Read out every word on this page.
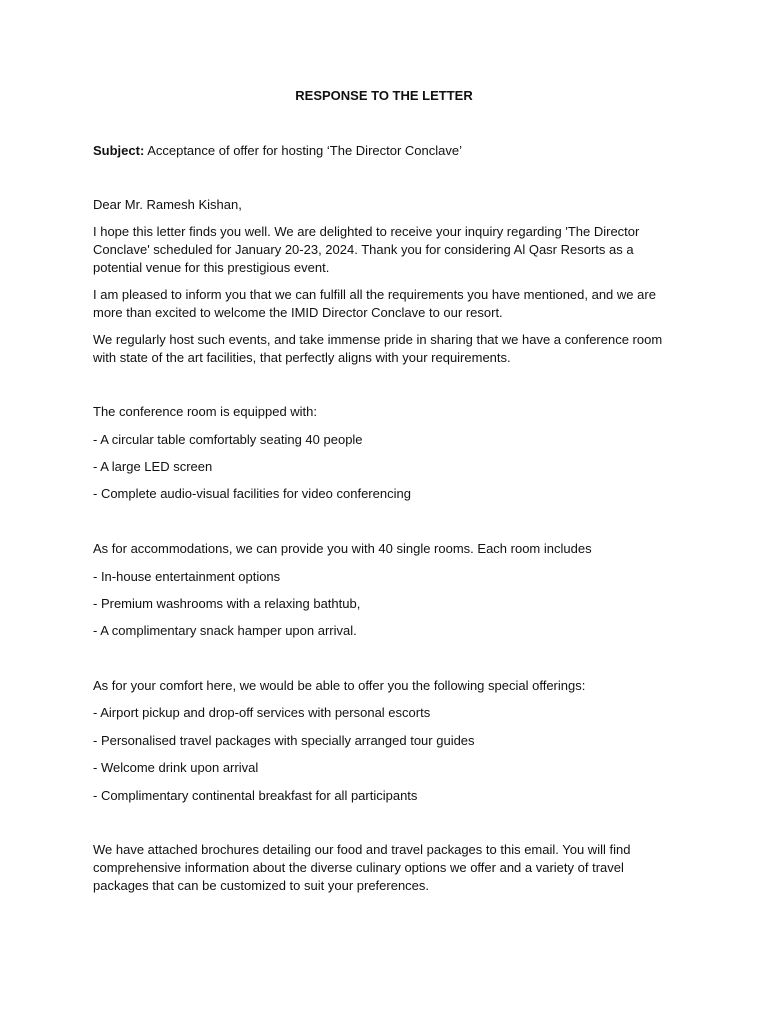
RESPONSE TO THE LETTER
Subject: Acceptance of offer for hosting ‘The Director Conclave’
Dear Mr. Ramesh Kishan,
I hope this letter finds you well. We are delighted to receive your inquiry regarding 'The Director
Conclave' scheduled for January 20-23, 2024. Thank you for considering Al Qasr Resorts as a
potential venue for this prestigious event.
I am pleased to inform you that we can fulfill all the requirements you have mentioned, and we are
more than excited to welcome the IMID Director Conclave to our resort.
We regularly host such events, and take immense pride in sharing that we have a conference room
with state of the art facilities, that perfectly aligns with your requirements.
The conference room is equipped with:
- A circular table comfortably seating 40 people
- A large LED screen
- Complete audio-visual facilities for video conferencing
As for accommodations, we can provide you with 40 single rooms. Each room includes
- In-house entertainment options
- Premium washrooms with a relaxing bathtub,
- A complimentary snack hamper upon arrival.
As for your comfort here, we would be able to offer you the following special offerings:
- Airport pickup and drop-off services with personal escorts
- Personalised travel packages with specially arranged tour guides
- Welcome drink upon arrival
- Complimentary continental breakfast for all participants
We have attached brochures detailing our food and travel packages to this email. You will find
comprehensive information about the diverse culinary options we offer and a variety of travel
packages that can be customized to suit your preferences.
